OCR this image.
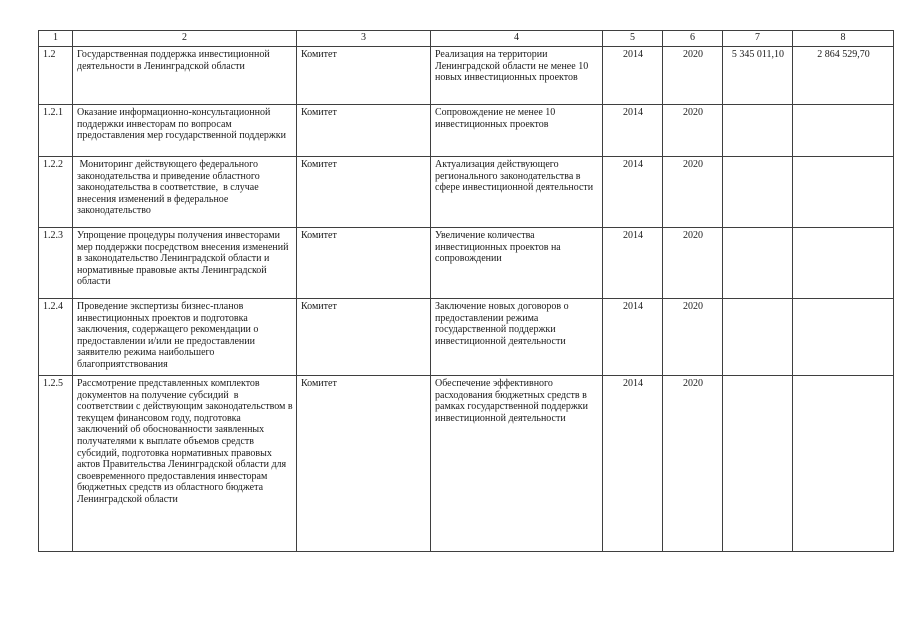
1	2	3	4	5	6	7	8
1.2	Государственная поддержка инвестиционной деятельности в Ленинградской области	Комитет	Реализация на территории Ленинградской области не менее 10 новых инвестиционных проектов	2014	2020	5 345 011,10	2 864 529,70
1.2.1	Оказание информационно-консультационной поддержки инвесторам по вопросам предоставления мер государственной поддержки	Комитет	Сопровождение не менее 10 инвестиционных проектов	2014	2020		
1.2.2	Мониторинг действующего федерального законодательства и приведение областного законодательства в соответствие,  в случае внесения изменений в федеральное законодательство	Комитет	Актуализация действующего регионального законодательства в сфере инвестиционной деятельности	2014	2020		
1.2.3	Упрощение процедуры получения инвесторами мер поддержки посредством внесения изменений в законодательство Ленинградской области и нормативные правовые акты Ленинградской области	Комитет	Увеличение количества инвестиционных проектов на сопровождении	2014	2020		
1.2.4	Проведение экспертизы бизнес-планов инвестиционных проектов и подготовка заключения, содержащего рекомендации о предоставлении и/или не предоставлении заявителю режима наибольшего благоприятствования	Комитет	Заключение новых договоров о предоставлении режима государственной поддержки инвестиционной деятельности	2014	2020		
1.2.5	Рассмотрение представленных комплектов документов на получение субсидий  в соответствии с действующим законодательством в текущем финансовом году, подготовка заключений об обоснованности заявленных получателями к выплате объемов средств субсидий, подготовка нормативных правовых актов Правительства Ленинградской области для своевременного предоставления инвесторам бюджетных средств из областного бюджета Ленинградской области	Комитет	Обеспечение эффективного расходования бюджетных средств в рамках государственной поддержки инвестиционной деятельности	2014	2020		
